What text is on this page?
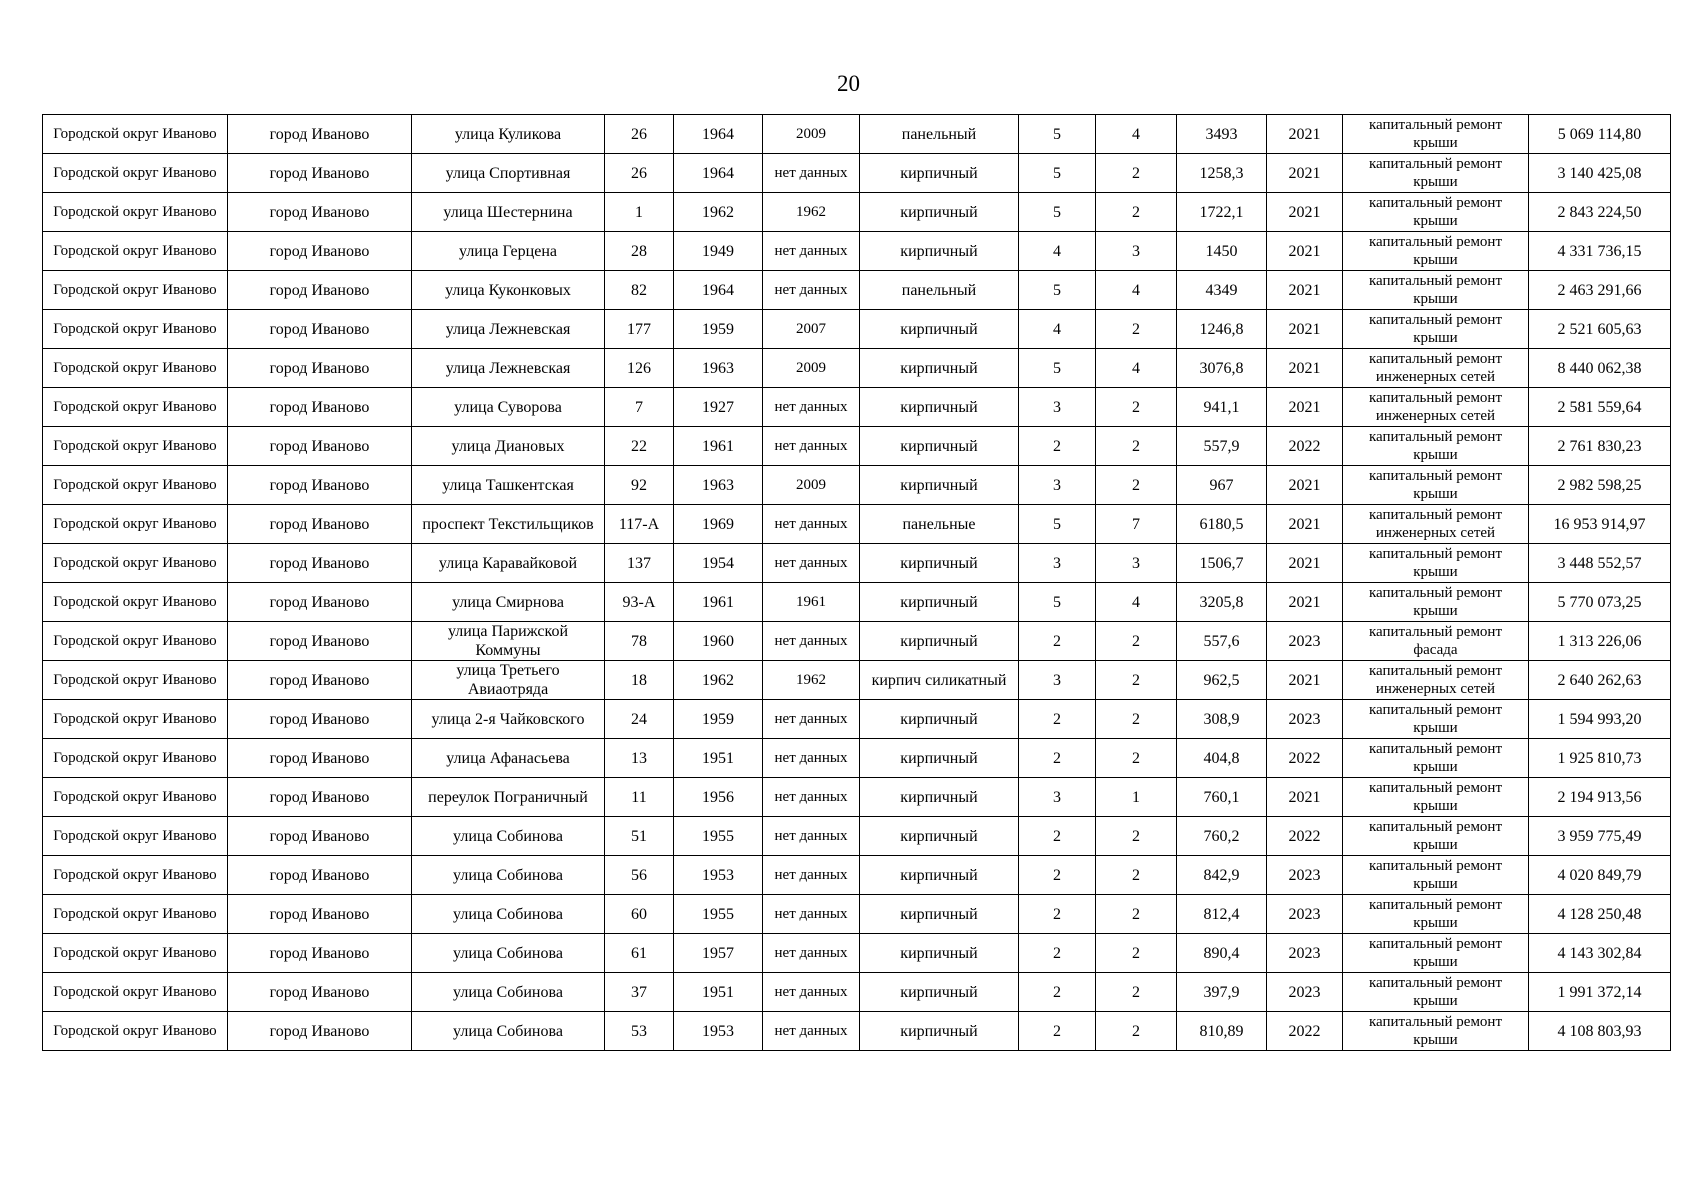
20
Городской округ Иваново	город Иваново	улица Куликова	26	1964	2009	панельный	5	4	3493	2021	капитальный ремонт крыши	5 069 114,80
Городской округ Иваново	город Иваново	улица Спортивная	26	1964	нет данных	кирпичный	5	2	1258,3	2021	капитальный ремонт крыши	3 140 425,08
Городской округ Иваново	город Иваново	улица Шестернина	1	1962	1962	кирпичный	5	2	1722,1	2021	капитальный ремонт крыши	2 843 224,50
Городской округ Иваново	город Иваново	улица Герцена	28	1949	нет данных	кирпичный	4	3	1450	2021	капитальный ремонт крыши	4 331 736,15
Городской округ Иваново	город Иваново	улица Куконковых	82	1964	нет данных	панельный	5	4	4349	2021	капитальный ремонт крыши	2 463 291,66
Городской округ Иваново	город Иваново	улица Лежневская	177	1959	2007	кирпичный	4	2	1246,8	2021	капитальный ремонт крыши	2 521 605,63
Городской округ Иваново	город Иваново	улица Лежневская	126	1963	2009	кирпичный	5	4	3076,8	2021	капитальный ремонт инженерных сетей	8 440 062,38
Городской округ Иваново	город Иваново	улица Суворова	7	1927	нет данных	кирпичный	3	2	941,1	2021	капитальный ремонт инженерных сетей	2 581 559,64
Городской округ Иваново	город Иваново	улица Диановых	22	1961	нет данных	кирпичный	2	2	557,9	2022	капитальный ремонт крыши	2 761 830,23
Городской округ Иваново	город Иваново	улица Ташкентская	92	1963	2009	кирпичный	3	2	967	2021	капитальный ремонт крыши	2 982 598,25
Городской округ Иваново	город Иваново	проспект Текстильщиков	117-А	1969	нет данных	панельные	5	7	6180,5	2021	капитальный ремонт инженерных сетей	16 953 914,97
Городской округ Иваново	город Иваново	улица Каравайковой	137	1954	нет данных	кирпичный	3	3	1506,7	2021	капитальный ремонт крыши	3 448 552,57
Городской округ Иваново	город Иваново	улица Смирнова	93-А	1961	1961	кирпичный	5	4	3205,8	2021	капитальный ремонт крыши	5 770 073,25
Городской округ Иваново	город Иваново	улица Парижской Коммуны	78	1960	нет данных	кирпичный	2	2	557,6	2023	капитальный ремонт фасада	1 313 226,06
Городской округ Иваново	город Иваново	улица Третьего Авиаотряда	18	1962	1962	кирпич силикатный	3	2	962,5	2021	капитальный ремонт инженерных сетей	2 640 262,63
Городской округ Иваново	город Иваново	улица 2-я Чайковского	24	1959	нет данных	кирпичный	2	2	308,9	2023	капитальный ремонт крыши	1 594 993,20
Городской округ Иваново	город Иваново	улица Афанасьева	13	1951	нет данных	кирпичный	2	2	404,8	2022	капитальный ремонт крыши	1 925 810,73
Городской округ Иваново	город Иваново	переулок Пограничный	11	1956	нет данных	кирпичный	3	1	760,1	2021	капитальный ремонт крыши	2 194 913,56
Городской округ Иваново	город Иваново	улица Собинова	51	1955	нет данных	кирпичный	2	2	760,2	2022	капитальный ремонт крыши	3 959 775,49
Городской округ Иваново	город Иваново	улица Собинова	56	1953	нет данных	кирпичный	2	2	842,9	2023	капитальный ремонт крыши	4 020 849,79
Городской округ Иваново	город Иваново	улица Собинова	60	1955	нет данных	кирпичный	2	2	812,4	2023	капитальный ремонт крыши	4 128 250,48
Городской округ Иваново	город Иваново	улица Собинова	61	1957	нет данных	кирпичный	2	2	890,4	2023	капитальный ремонт крыши	4 143 302,84
Городской округ Иваново	город Иваново	улица Собинова	37	1951	нет данных	кирпичный	2	2	397,9	2023	капитальный ремонт крыши	1 991 372,14
Городской округ Иваново	город Иваново	улица Собинова	53	1953	нет данных	кирпичный	2	2	810,89	2022	капитальный ремонт крыши	4 108 803,93
